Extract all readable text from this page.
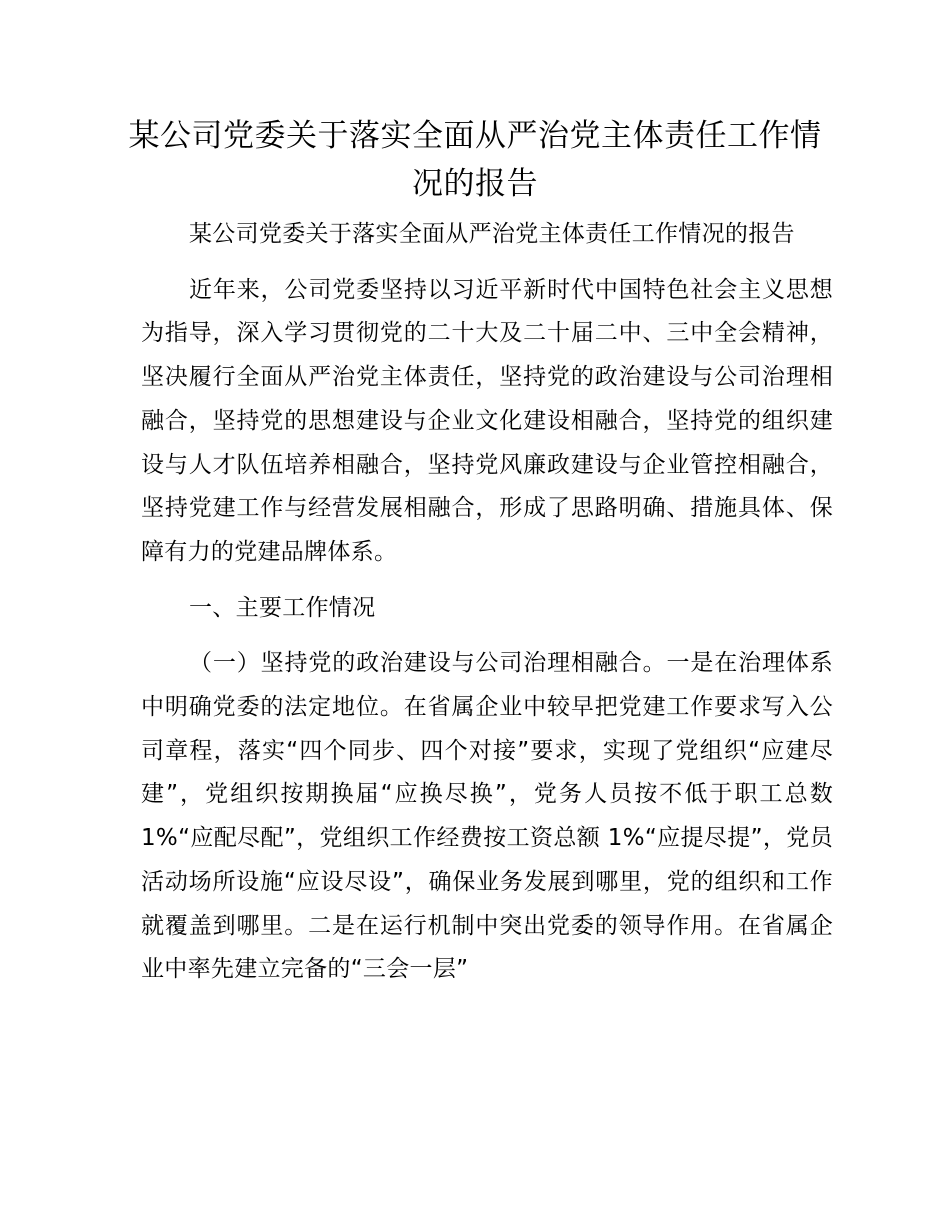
某公司党委关于落实全面从严治党主体责任工作情况的报告

某公司党委关于落实全面从严治党主体责任工作情况的报告

近年来，公司党委坚持以习近平新时代中国特色社会主义思想为指导，深入学习贯彻党的二十大及二十届二中、三中全会精神，坚决履行全面从严治党主体责任，坚持党的政治建设与公司治理相融合，坚持党的思想建设与企业文化建设相融合，坚持党的组织建设与人才队伍培养相融合，坚持党风廉政建设与企业管控相融合，坚持党建工作与经营发展相融合，形成了思路明确、措施具体、保障有力的党建品牌体系。

一、主要工作情况

（一）坚持党的政治建设与公司治理相融合。一是在治理体系中明确党委的法定地位。在省属企业中较早把党建工作要求写入公司章程，落实“四个同步、四个对接”要求，实现了党组织“应建尽建”，党组织按期换届“应换尽换”，党务人员按不低于职工总数 1%“应配尽配”，党组织工作经费按工资总额 1%“应提尽提”，党员活动场所设施“应设尽设”，确保业务发展到哪里，党的组织和工作就覆盖到哪里。二是在运行机制中突出党委的领导作用。在省属企业中率先建立完备的“三会一层”
